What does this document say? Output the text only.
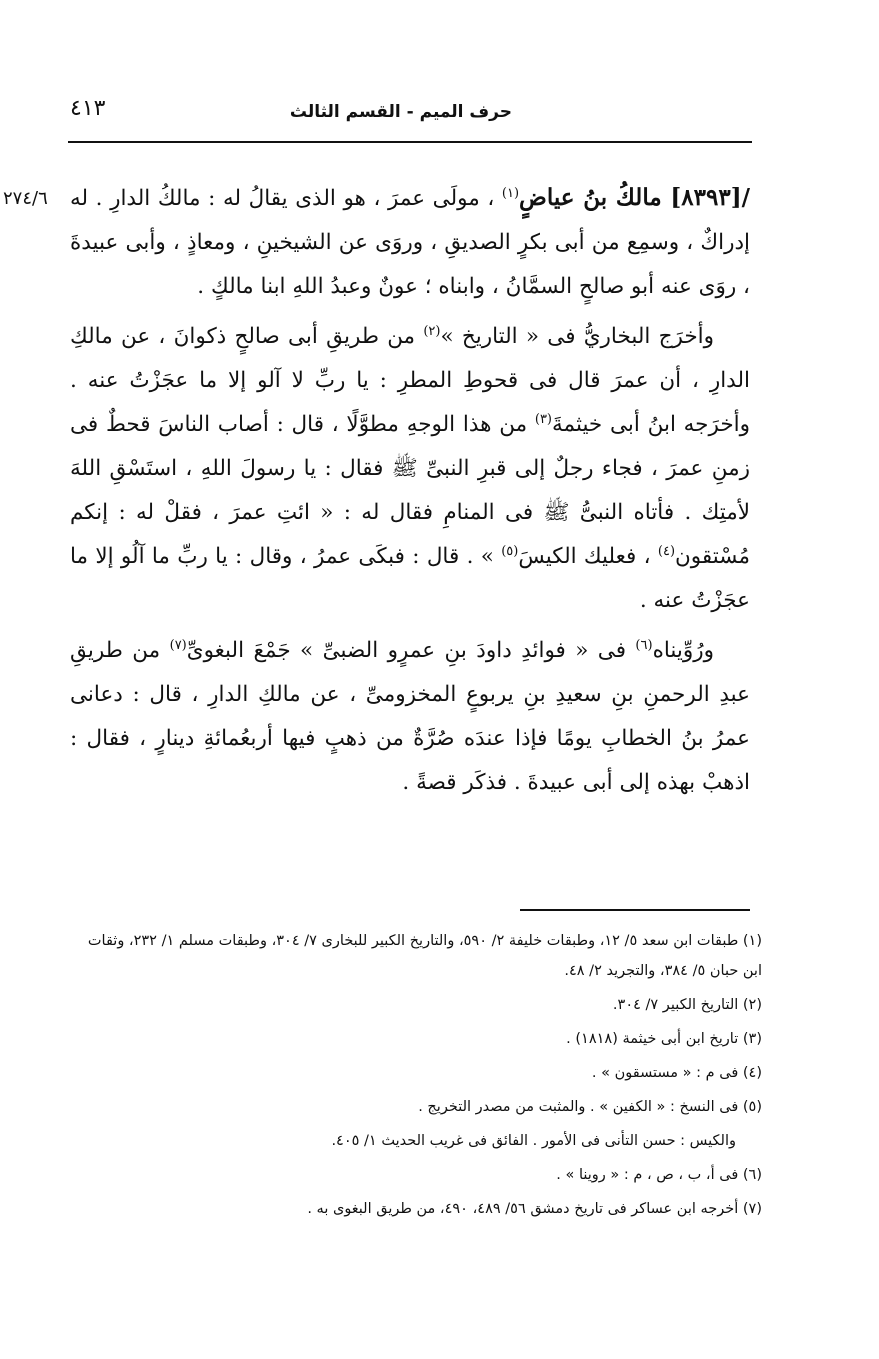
حرف الميم - القسم الثالث
٤١٣
٢٧٤/٦	/[٨٣٩٣] مالكُ بنُ عياضٍ$^{(١)}$ ، مولَى عمرَ ، هو الذى يقالُ له : مالكُ الدارِ . له إدراكٌ ، وسمِع من أبى بكرٍ الصديقِ ، وروَى عن الشيخينِ ، ومعاذٍ ، وأبى عبيدةَ ، روَى عنه أبو صالحٍ السمَّانُ ، وابناه ؛ عونٌ وعبدُ اللهِ ابنا مالكٍ .

وأخرَج البخاريُّ فى « التاريخ »$^{(٢)}$ من طريقِ أبى صالحٍ ذكوانَ ، عن مالكِ الدارِ ، أن عمرَ قال فى قحوطِ المطرِ : يا ربِّ لا آلو إلا ما عجَزْتُ عنه . وأخرَجه ابنُ أبى خيثمةَ$^{(٣)}$ من هذا الوجهِ مطوَّلًا ، قال : أصاب الناسَ قحطٌ فى زمنِ عمرَ ، فجاء رجلٌ إلى قبرِ النبىِّ ﷺ فقال : يا رسولَ اللهِ ، استَسْقِ اللهَ لأمتِك . فأتاه النبىُّ ﷺ فى المنامِ فقال له : « ائتِ عمرَ ، فقلْ له : إنكم مُسْتقون$^{(٤)}$ ، فعليك الكيسَ$^{(٥)}$ » . قال : فبكَى عمرُ ، وقال : يا ربِّ ما آلُو إلا ما عجَزْتُ عنه .

ورُوِّيناه$^{(٦)}$ فى « فوائدِ داودَ بنِ عمرٍو الضبىِّ » جَمْعَ البغوىِّ$^{(٧)}$ من طريقِ عبدِ الرحمنِ بنِ سعيدِ بنِ يربوعٍ المخزومىِّ ، عن مالكِ الدارِ ، قال : دعانى عمرُ بنُ الخطابِ يومًا فإذا عندَه صُرَّةٌ من ذهبٍ فيها أربعُمائةِ دينارٍ ، فقال : اذهبْ بهذه إلى أبى عبيدةَ . فذكَر قصةً .

(١) طبقات ابن سعد ٥/ ١٢، وطبقات خليفة ٢/ ٥٩٠، والتاريخ الكبير للبخارى ٧/ ٣٠٤، وطبقات مسلم ١/ ٢٣٢، وثقات ابن حبان ٥/ ٣٨٤، والتجريد ٢/ ٤٨.
(٢) التاريخ الكبير ٧/ ٣٠٤.
(٣) تاريخ ابن أبى خيثمة (١٨١٨) .
(٤) فى م : « مستسقون » .
(٥) فى النسخ : « الكفين » . والمثبت من مصدر التخريج .
والكيس : حسن التأنى فى الأمور . الفائق فى غريب الحديث ١/ ٤٠٥.
(٦) فى أ، ب ، ص ، م : « روينا » .
(٧) أخرجه ابن عساكر فى تاريخ دمشق ٥٦/ ٤٨٩، ٤٩٠، من طريق البغوى به .
